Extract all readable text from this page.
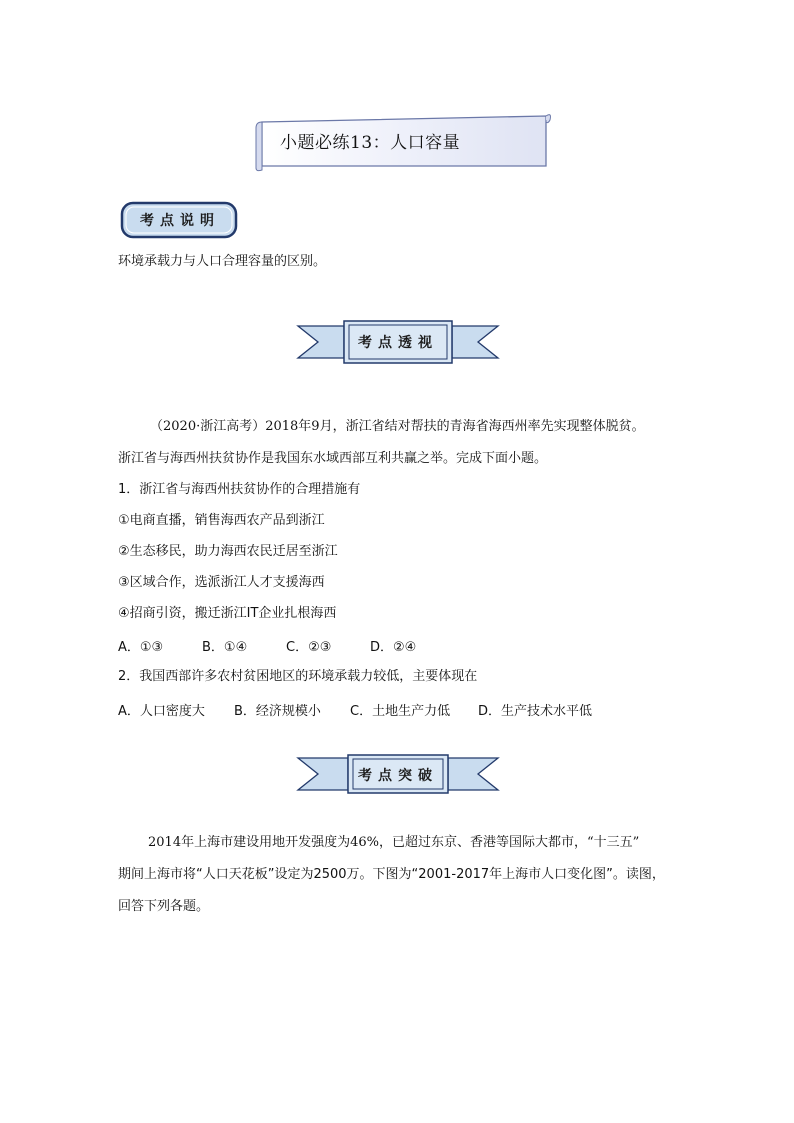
小题必练13：人口容量
考点说明
环境承载力与人口合理容量的区别。
考点透视
（2020·浙江高考）2018年9月，浙江省结对帮扶的青海省海西州率先实现整体脱贫。
浙江省与海西州扶贫协作是我国东水域西部互利共赢之举。完成下面小题。
1．浙江省与海西州扶贫协作的合理措施有
①电商直播，销售海西农产品到浙江
②生态移民，助力海西农民迁居至浙江
③区域合作，选派浙江人才支援海西
④招商引资，搬迁浙江IT企业扎根海西
A．①③	B．①④	C．②③	D．②④
2．我国西部许多农村贫困地区的环境承载力较低，主要体现在
A．人口密度大 B．经济规模小 C．土地生产力低 D．生产技术水平低
考点突破
2014年上海市建设用地开发强度为46%，已超过东京、香港等国际大都市，“十三五”
期间上海市将“人口天花板”设定为2500万。下图为“2001-2017年上海市人口变化图”。读图，
回答下列各题。
